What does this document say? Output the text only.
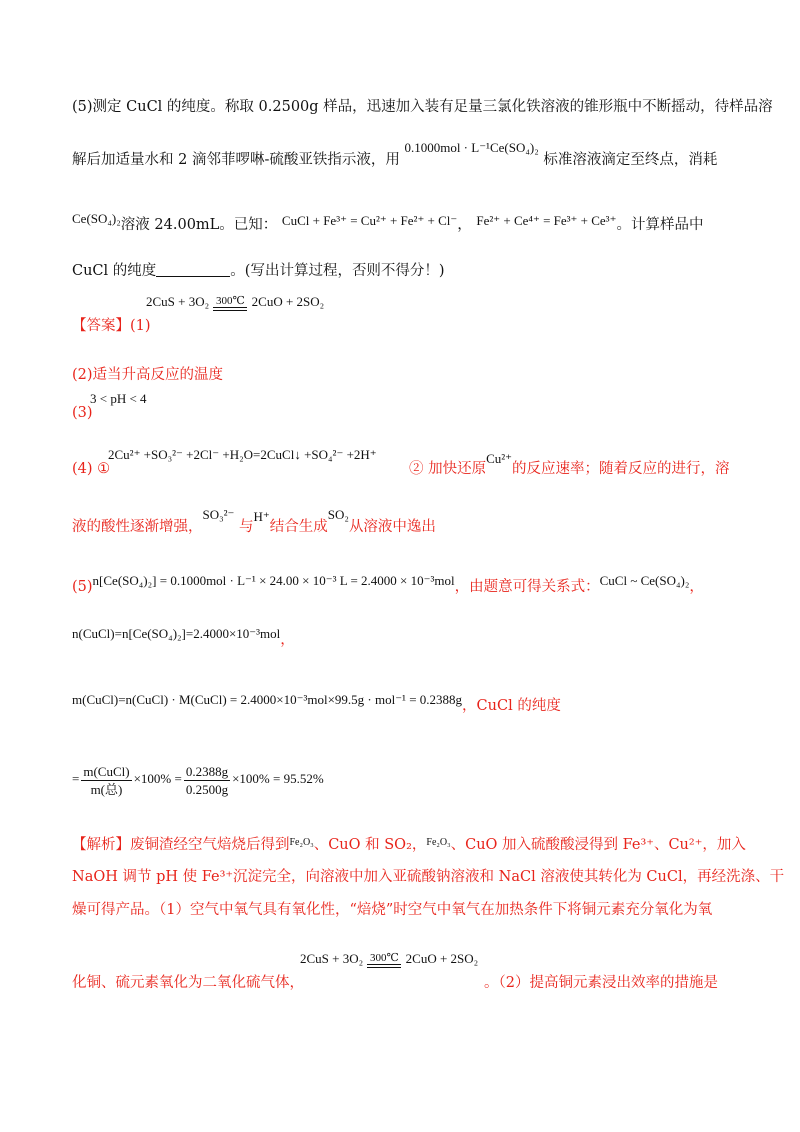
(5)测定 CuCl 的纯度。称取 0.2500g 样品，迅速加入装有足量三氯化铁溶液的锥形瓶中不断摇动，待样品溶
解后加适量水和 2 滴邻菲啰啉-硫酸亚铁指示液，用 0.1000mol · L⁻¹Ce(SO₄)₂ 标准溶液滴定至终点，消耗
Ce(SO₄)₂溶液 24.00mL。已知： CuCl + Fe³⁺ = Cu²⁺ + Fe²⁺ + Cl⁻， Fe²⁺ + Ce⁴⁺ = Fe³⁺ + Ce³⁺。计算样品中
CuCl 的纯度	。(写出计算过程，否则不得分！)
【答案】(1)
2CuS + 3O₂ 300℃ 2CuO + 2SO₂
(2)适当升高反应的温度
3 < pH < 4
(3)
(4) ①
2Cu²⁺ +SO₃²⁻ +2Cl⁻ +H₂O=2CuCl↓ +SO₄²⁻ +2H⁺
② 加快还原Cu²⁺的反应速率；随着反应的进行，溶
液的酸性逐渐增强，SO₃²⁻ 与H⁺结合生成SO₂从溶液中逸出
(5)n[Ce(SO₄)₂] = 0.1000mol · L⁻¹ × 24.00 × 10⁻³ L = 2.4000 × 10⁻³mol，由题意可得关系式：CuCl ~ Ce(SO₄)₂，
n(CuCl)=n[Ce(SO₄)₂]=2.4000×10⁻³mol，
m(CuCl)=n(CuCl) · M(CuCl) = 2.4000×10⁻³mol×99.5g · mol⁻¹ = 0.2388g，CuCl 的纯度
= $\frac{\text{m(CuCl)}}{\text{m(总)}} \times 100\% = \frac{0.2388g}{0.2500g} \times 100\% = 95.52\%$
【解析】废铜渣经空气焙烧后得到$^{Fe_2O_3}$、CuO 和 SO₂，$^{Fe_2O_3}$、CuO 加入硫酸酸浸得到 Fe³⁺、Cu²⁺，加入
NaOH 调节 pH 使 Fe³⁺沉淀完全，向溶液中加入亚硫酸钠溶液和 NaCl 溶液使其转化为 CuCl，再经洗涤、干
燥可得产品。（1）空气中氧气具有氧化性，“焙烧”时空气中氧气在加热条件下将铜元素充分氧化为氧
化铜、硫元素氧化为二氧化硫气体，
2CuS + 3O₂ 300℃ 2CuO + 2SO₂
。（2）提高铜元素浸出效率的措施是
